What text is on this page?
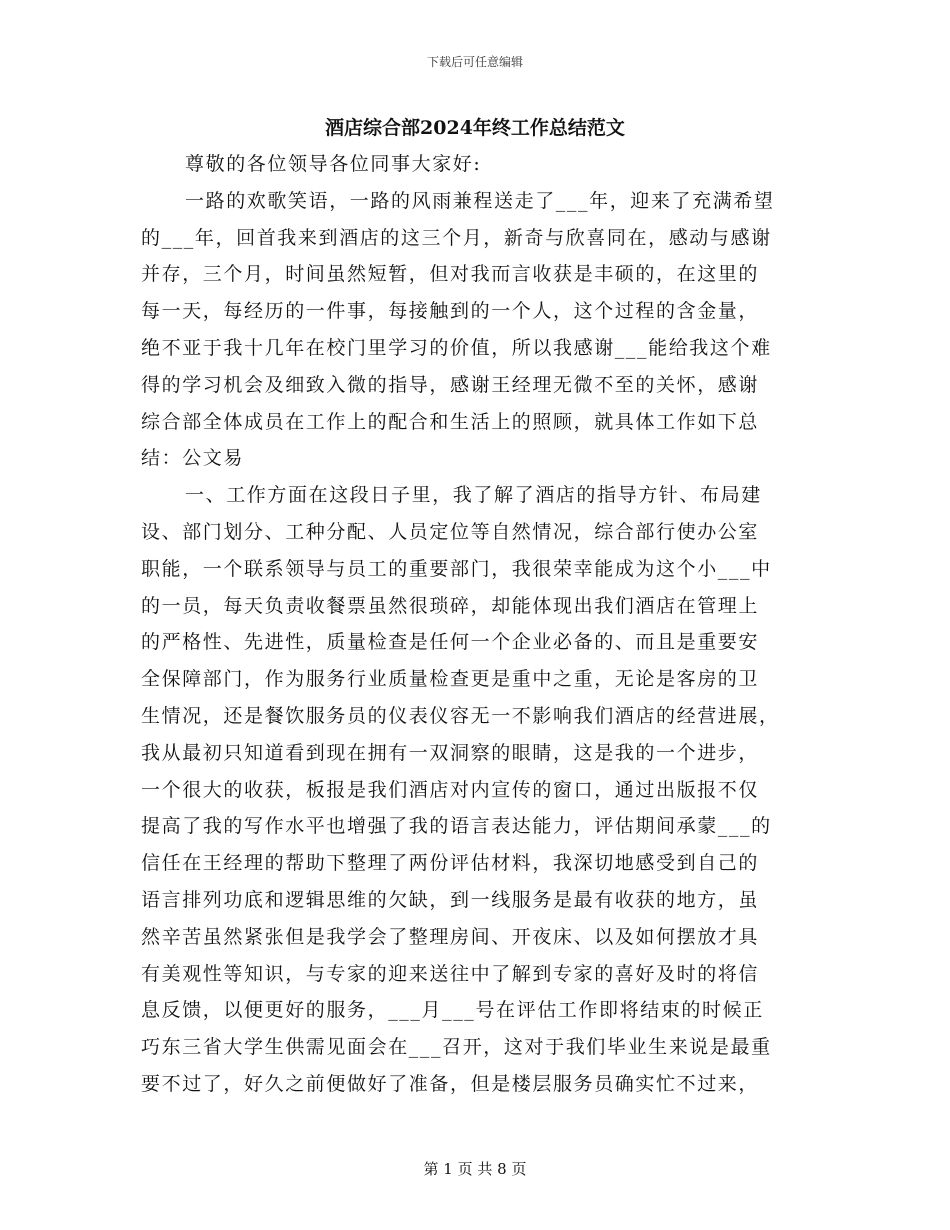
下载后可任意编辑
酒店综合部2024年终工作总结范文
尊敬的各位领导各位同事大家好:
一路的欢歌笑语，一路的风雨兼程送走了___年，迎来了充满希望
的___年，回首我来到酒店的这三个月，新奇与欣喜同在，感动与感谢
并存，三个月，时间虽然短暂，但对我而言收获是丰硕的，在这里的
每一天，每经历的一件事，每接触到的一个人，这个过程的含金量，
绝不亚于我十几年在校门里学习的价值，所以我感谢___能给我这个难
得的学习机会及细致入微的指导，感谢王经理无微不至的关怀，感谢
综合部全体成员在工作上的配合和生活上的照顾，就具体工作如下总
结：公文易
一、工作方面在这段日子里，我了解了酒店的指导方针、布局建
设、部门划分、工种分配、人员定位等自然情况，综合部行使办公室
职能，一个联系领导与员工的重要部门，我很荣幸能成为这个小___中
的一员，每天负责收餐票虽然很琐碎，却能体现出我们酒店在管理上
的严格性、先进性，质量检查是任何一个企业必备的、而且是重要安
全保障部门，作为服务行业质量检查更是重中之重，无论是客房的卫
生情况，还是餐饮服务员的仪表仪容无一不影响我们酒店的经营进展，
我从最初只知道看到现在拥有一双洞察的眼睛，这是我的一个进步，
一个很大的收获，板报是我们酒店对内宣传的窗口，通过出版报不仅
提高了我的写作水平也增强了我的语言表达能力，评估期间承蒙___的
信任在王经理的帮助下整理了两份评估材料，我深切地感受到自己的
语言排列功底和逻辑思维的欠缺，到一线服务是最有收获的地方，虽
然辛苦虽然紧张但是我学会了整理房间、开夜床、以及如何摆放才具
有美观性等知识，与专家的迎来送往中了解到专家的喜好及时的将信
息反馈，以便更好的服务，___月___号在评估工作即将结束的时候正
巧东三省大学生供需见面会在___召开，这对于我们毕业生来说是最重
要不过了，好久之前便做好了准备，但是楼层服务员确实忙不过来，
第 1 页 共 8 页
